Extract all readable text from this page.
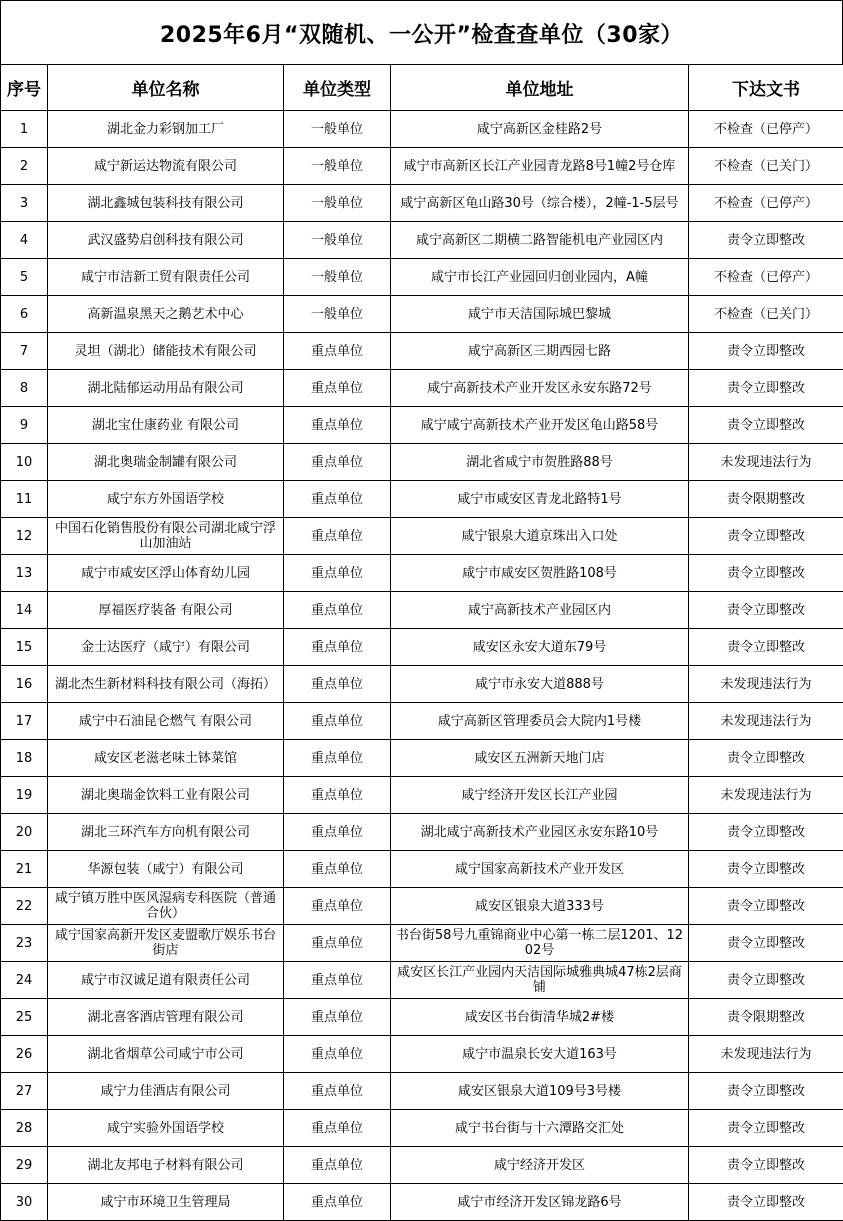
2025年6月“双随机、一公开”检查查单位（30家）
序号	单位名称	单位类型	单位地址	下达文书
1	湖北金力彩钢加工厂	一般单位	咸宁高新区金桂路2号	不检查（已停产）
2	咸宁新运达物流有限公司	一般单位	咸宁市高新区长江产业园青龙路8号1幢2号仓库	不检查（已关门）
3	湖北鑫城包装科技有限公司	一般单位	咸宁高新区龟山路30号（综合楼），2幢-1-5层号	不检查（已停产）
4	武汉盛势启创科技有限公司	一般单位	咸宁高新区二期横二路智能机电产业园区内	责令立即整改
5	咸宁市洁新工贸有限责任公司	一般单位	咸宁市长江产业园回归创业园内，A幢	不检查（已停产）
6	高新温泉黑天之鹅艺术中心	一般单位	咸宁市天洁国际城巴黎城	不检查（已关门）
7	灵坦（湖北）储能技术有限公司	重点单位	咸宁高新区三期西园七路	责令立即整改
8	湖北陆郁运动用品有限公司	重点单位	咸宁高新技术产业开发区永安东路72号	责令立即整改
9	湖北宝仕康药业 有限公司	重点单位	咸宁咸宁高新技术产业开发区龟山路58号	责令立即整改
10	湖北奥瑞金制罐有限公司	重点单位	湖北省咸宁市贺胜路88号	未发现违法行为
11	咸宁东方外国语学校	重点单位	咸宁市咸安区青龙北路特1号	责令限期整改
12	中国石化销售股份有限公司湖北咸宁浮山加油站	重点单位	咸宁银泉大道京珠出入口处	责令立即整改
13	咸宁市咸安区浮山体育幼儿园	重点单位	咸宁市咸安区贺胜路108号	责令立即整改
14	厚福医疗装备 有限公司	重点单位	咸宁高新技术产业园区内	责令立即整改
15	金士达医疗（咸宁）有限公司	重点单位	咸安区永安大道东79号	责令立即整改
16	湖北杰生新材料科技有限公司（海拓）	重点单位	咸宁市永安大道888号	未发现违法行为
17	咸宁中石油昆仑燃气 有限公司	重点单位	咸宁高新区管理委员会大院内1号楼	未发现违法行为
18	咸安区老滋老味土钵菜馆	重点单位	咸安区五洲新天地门店	责令立即整改
19	湖北奥瑞金饮料工业有限公司	重点单位	咸宁经济开发区长江产业园	未发现违法行为
20	湖北三环汽车方向机有限公司	重点单位	湖北咸宁高新技术产业园区永安东路10号	责令立即整改
21	华源包装（咸宁）有限公司	重点单位	咸宁国家高新技术产业开发区	责令立即整改
22	咸宁镇万胜中医风湿病专科医院（普通合伙）	重点单位	咸安区银泉大道333号	责令立即整改
23	咸宁国家高新开发区麦盟歌厅娱乐书台街店	重点单位	书台街58号九重锦商业中心第一栋二层1201、1202号	责令立即整改
24	咸宁市汉诚足道有限责任公司	重点单位	咸安区长江产业园内天洁国际城雅典城47栋2层商铺	责令立即整改
25	湖北喜客酒店管理有限公司	重点单位	咸安区书台街清华城2#楼	责令限期整改
26	湖北省烟草公司咸宁市公司	重点单位	咸宁市温泉长安大道163号	未发现违法行为
27	咸宁力佳酒店有限公司	重点单位	咸安区银泉大道109号3号楼	责令立即整改
28	咸宁实验外国语学校	重点单位	咸宁书台街与十六潭路交汇处	责令立即整改
29	湖北友邦电子材料有限公司	重点单位	咸宁经济开发区	责令立即整改
30	咸宁市环境卫生管理局	重点单位	咸宁市经济开发区锦龙路6号	责令立即整改
